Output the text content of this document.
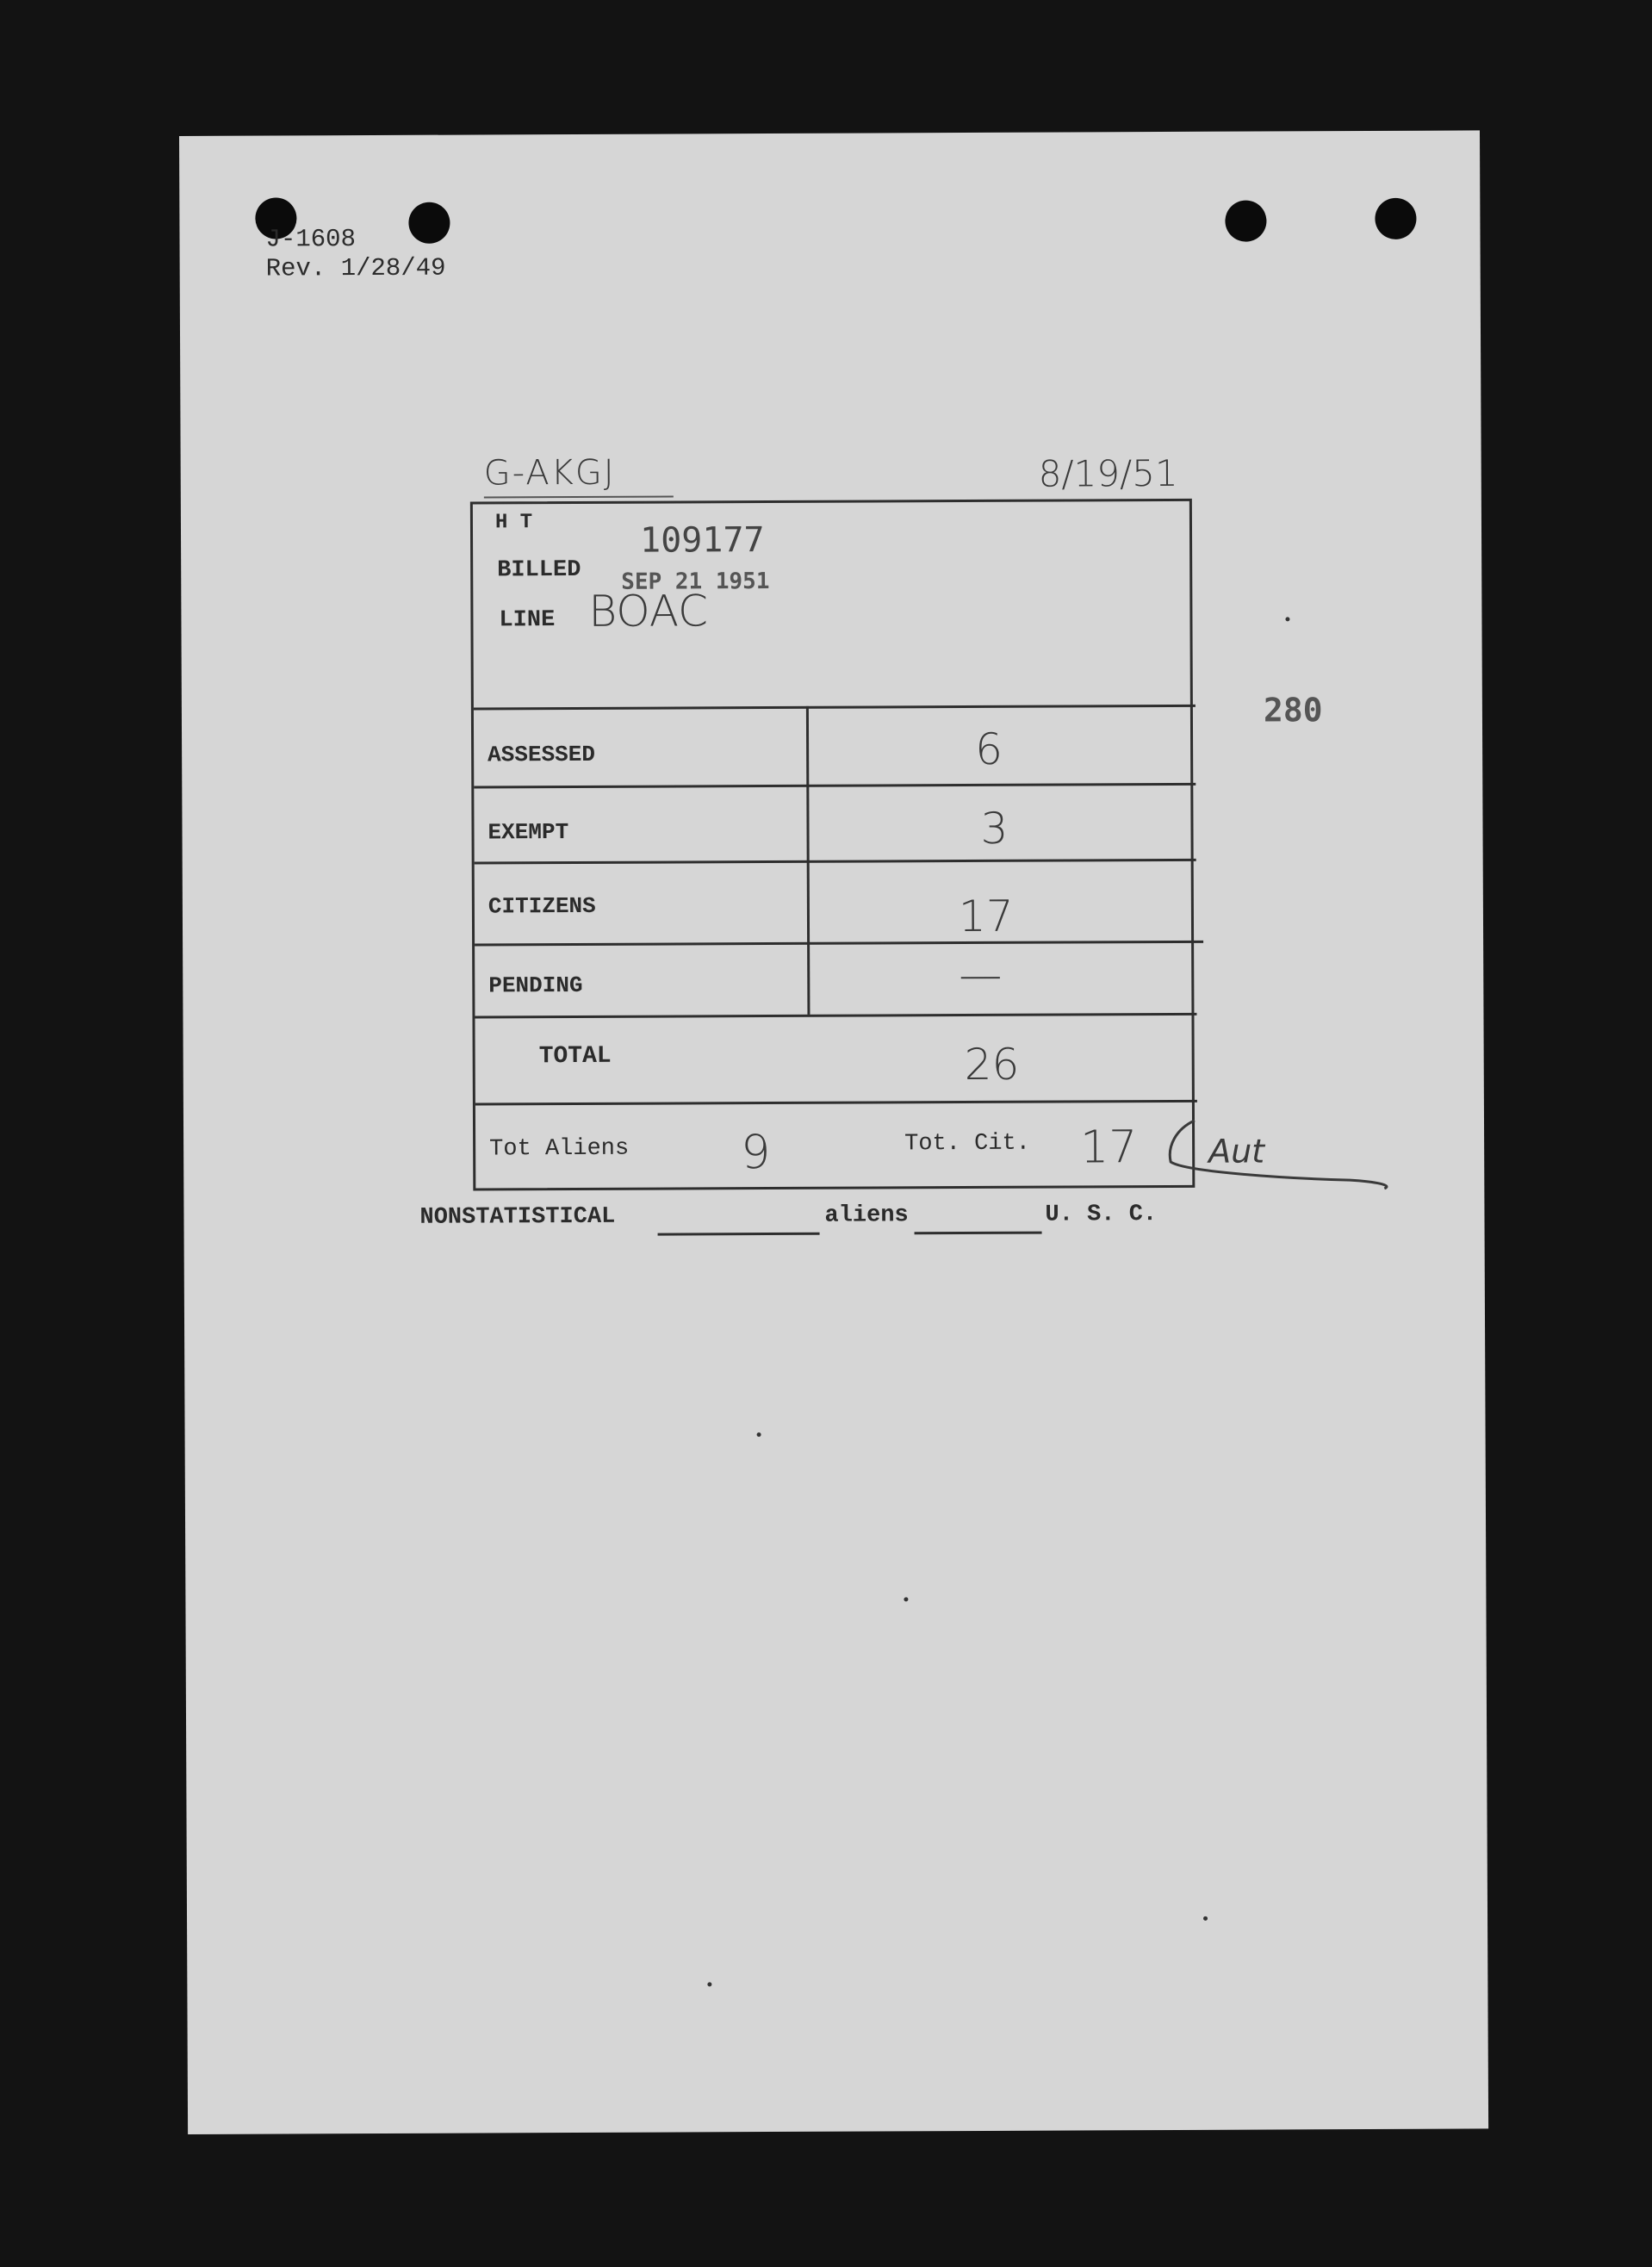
J-1608
Rev. 1/28/49
G-AKGJ	8/19/51
280
H T	109177
BILLED SEP 21 1951
LINE BOAC
ASSESSED	6
EXEMPT	3
CITIZENS	17
PENDING	—
TOTAL	26
Tot Aliens 9	Tot. Cit. 17 Aut
NONSTATISTICAL	aliens	U. S. C.
